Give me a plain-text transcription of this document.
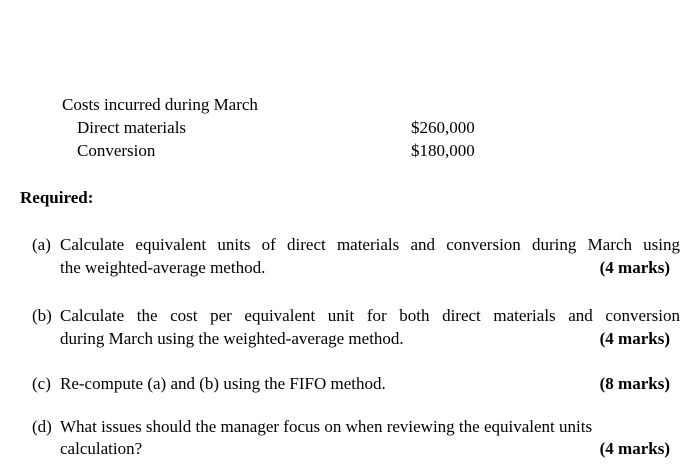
Costs incurred during March
Direct materials	$260,000
Conversion	$180,000
Required:
(a) Calculate equivalent units of direct materials and conversion during March using
the weighted-average method.	(4 marks)
(b) Calculate the cost per equivalent unit for both direct materials and conversion
during March using the weighted-average method.	(4 marks)
(c) Re-compute (a) and (b) using the FIFO method.	(8 marks)
(d) What issues should the manager focus on when reviewing the equivalent units
calculation?	(4 marks)
